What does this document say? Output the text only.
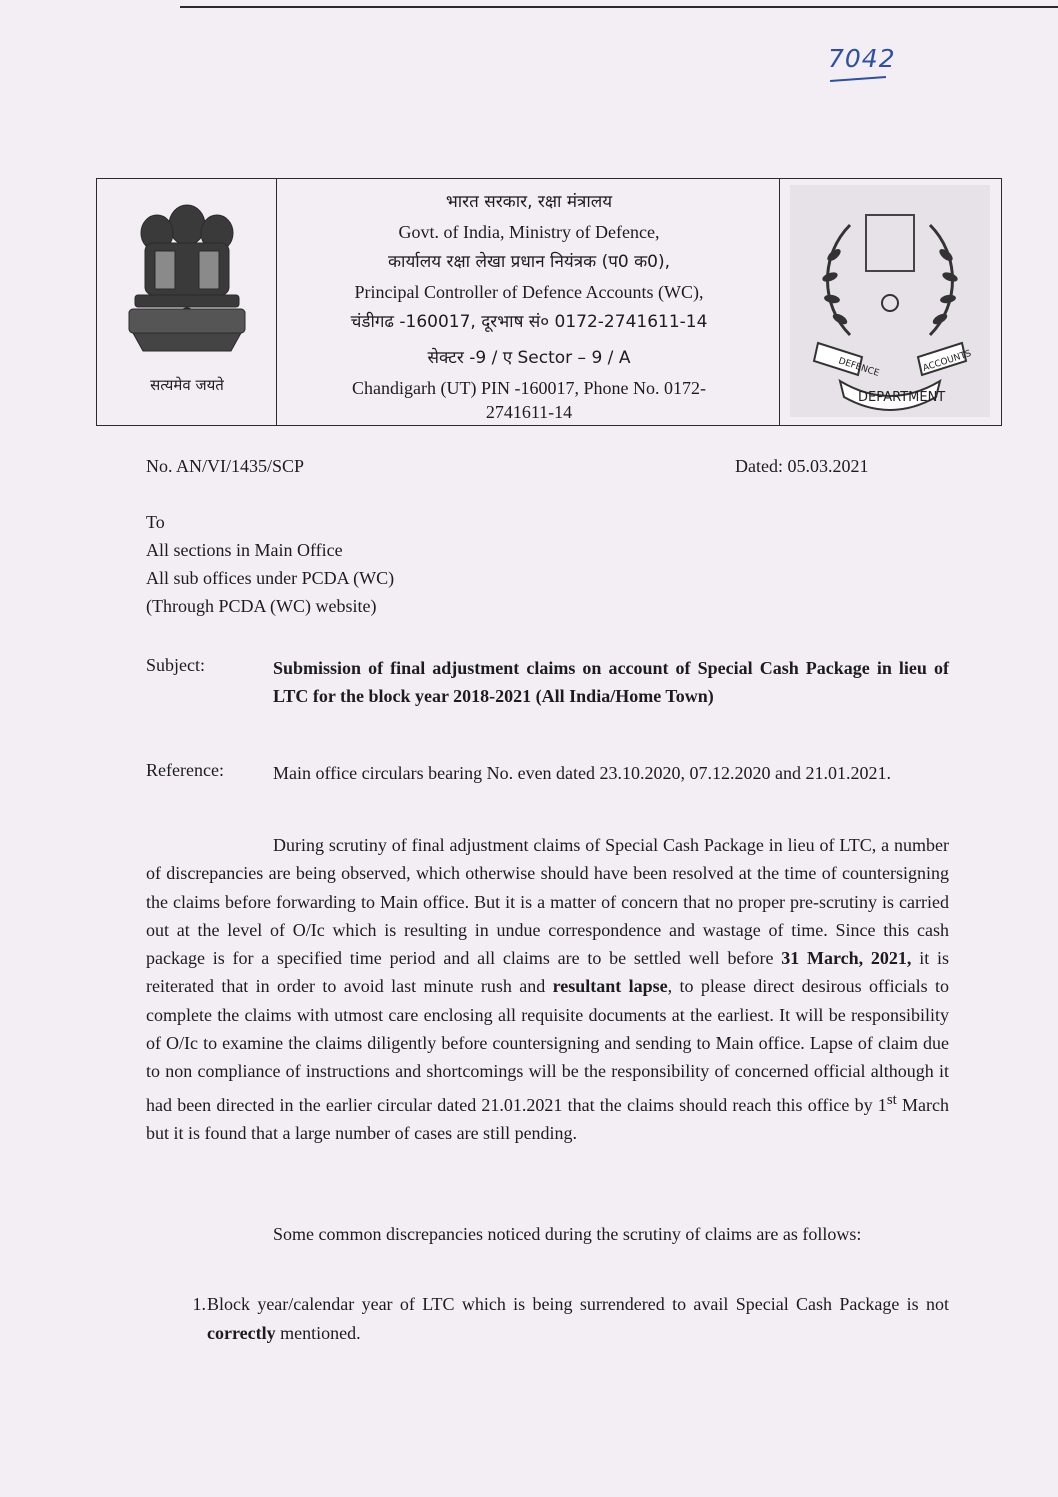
7042
सत्यमेव जयते
भारत सरकार, रक्षा मंत्रालय
Govt. of India, Ministry of Defence,
कार्यालय रक्षा लेखा प्रधान नियंत्रक (प0 क0),
Principal Controller of Defence Accounts (WC),
चंडीगढ -160017, दूरभाष सं० 0172-2741611-14
सेक्टर -9 / ए Sector – 9 / A
Chandigarh (UT) PIN -160017, Phone No. 0172-
2741611-14
DEFENCE	ACCOUNTS
DEPARTMENT
No. AN/VI/1435/SCP	Dated: 05.03.2021
To
All sections in Main Office
All sub offices under PCDA (WC)
(Through PCDA (WC) website)
Subject:	Submission of final adjustment claims on account of Special Cash Package in lieu of LTC for the block year 2018-2021 (All India/Home Town)
Reference:	Main office circulars bearing No. even dated 23.10.2020, 07.12.2020 and 21.01.2021.
During scrutiny of final adjustment claims of Special Cash Package in lieu of LTC, a number of discrepancies are being observed, which otherwise should have been resolved at the time of countersigning the claims before forwarding to Main office. But it is a matter of concern that no proper pre-scrutiny is carried out at the level of O/Ic which is resulting in undue correspondence and wastage of time. Since this cash package is for a specified time period and all claims are to be settled well before 31 March, 2021, it is reiterated that in order to avoid last minute rush and resultant lapse, to please direct desirous officials to complete the claims with utmost care enclosing all requisite documents at the earliest. It will be responsibility of O/Ic to examine the claims diligently before countersigning and sending to Main office. Lapse of claim due to non compliance of instructions and shortcomings will be the responsibility of concerned official although it had been directed in the earlier circular dated 21.01.2021 that the claims should reach this office by 1st March but it is found that a large number of cases are still pending.
Some common discrepancies noticed during the scrutiny of claims are as follows:
1. Block year/calendar year of LTC which is being surrendered to avail Special Cash Package is not correctly mentioned.
